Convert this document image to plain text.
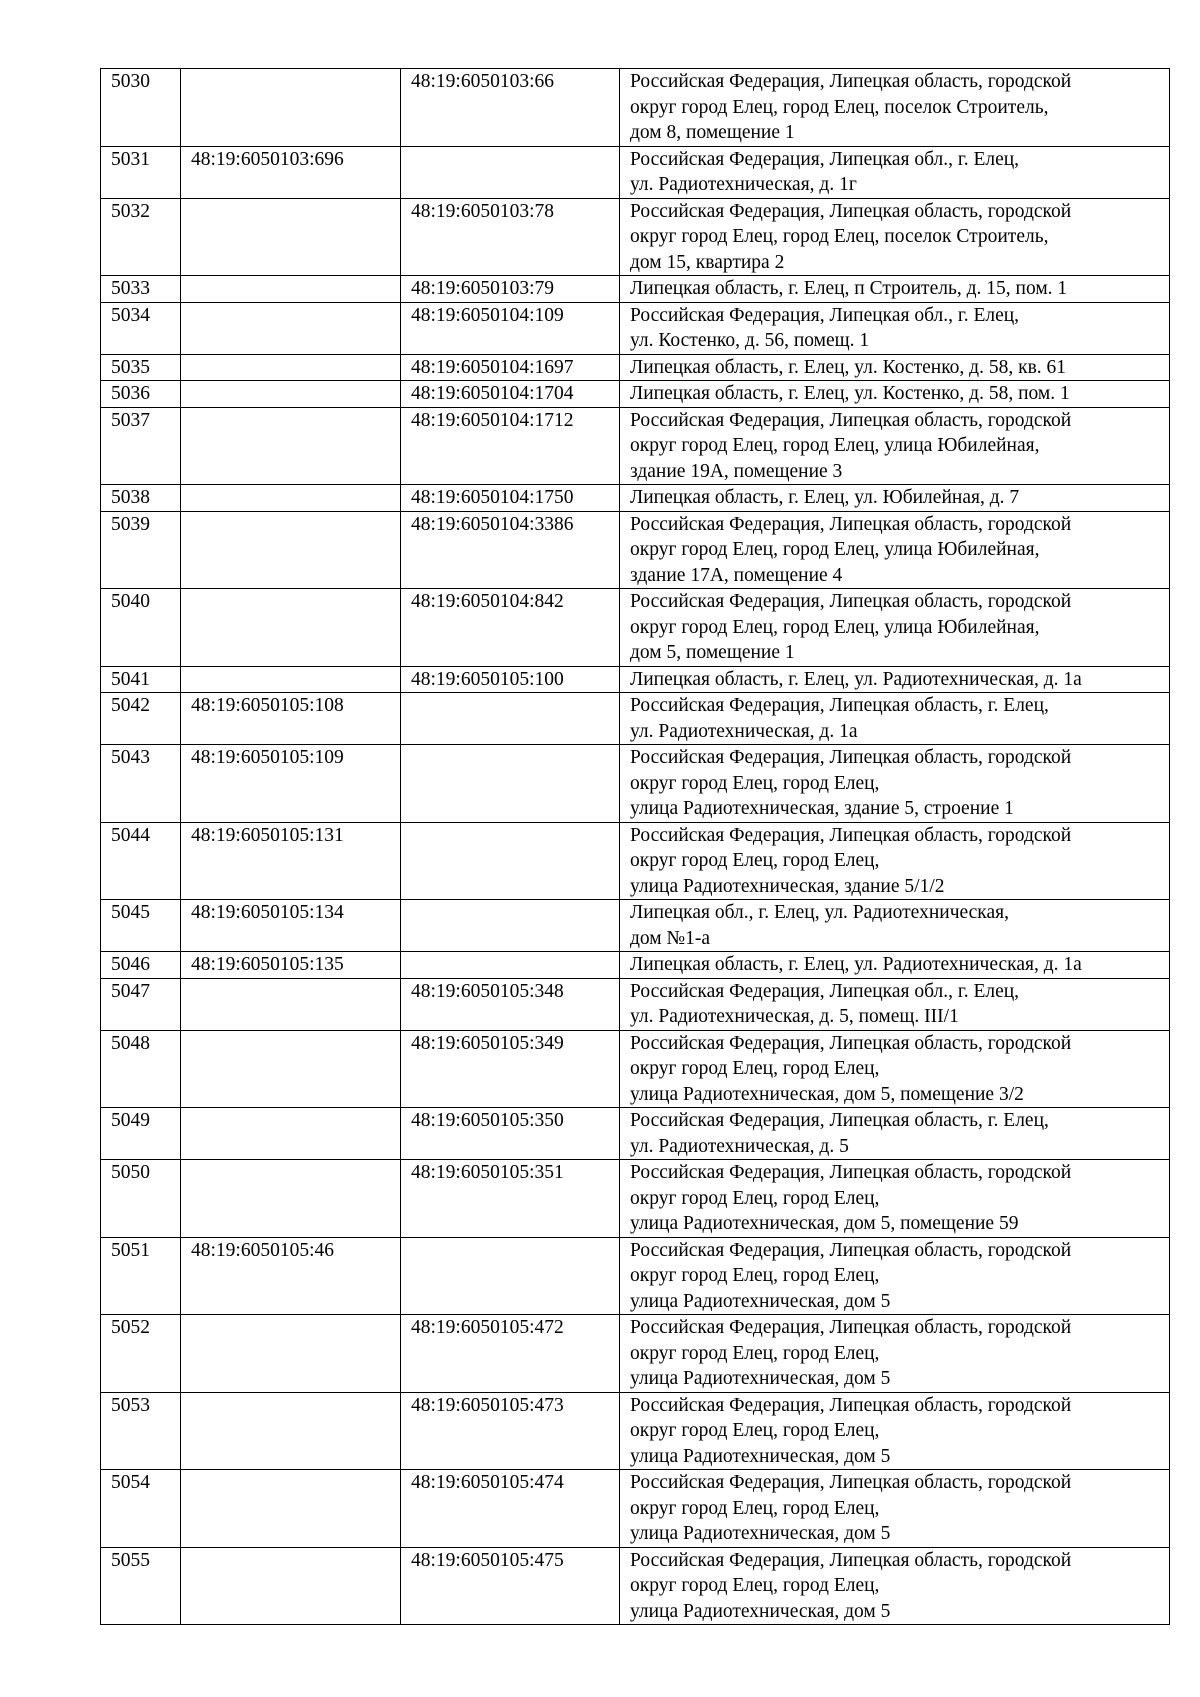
5030		48:19:6050103:66	Российская Федерация, Липецкая область, городской
округ город Елец, город Елец, поселок Строитель,
дом 8, помещение 1
5031	48:19:6050103:696		Российская Федерация, Липецкая обл., г. Елец,
ул. Радиотехническая, д. 1г
5032		48:19:6050103:78	Российская Федерация, Липецкая область, городской
округ город Елец, город Елец, поселок Строитель,
дом 15, квартира 2
5033		48:19:6050103:79	Липецкая область, г. Елец, п Строитель, д. 15, пом. 1
5034		48:19:6050104:109	Российская Федерация, Липецкая обл., г. Елец,
ул. Костенко, д. 56, помещ. 1
5035		48:19:6050104:1697	Липецкая область, г. Елец, ул. Костенко, д. 58, кв. 61
5036		48:19:6050104:1704	Липецкая область, г. Елец, ул. Костенко, д. 58, пом. 1
5037		48:19:6050104:1712	Российская Федерация, Липецкая область, городской
округ город Елец, город Елец, улица Юбилейная,
здание 19А, помещение 3
5038		48:19:6050104:1750	Липецкая область, г. Елец, ул. Юбилейная, д. 7
5039		48:19:6050104:3386	Российская Федерация, Липецкая область, городской
округ город Елец, город Елец, улица Юбилейная,
здание 17А, помещение 4
5040		48:19:6050104:842	Российская Федерация, Липецкая область, городской
округ город Елец, город Елец, улица Юбилейная,
дом 5, помещение 1
5041		48:19:6050105:100	Липецкая область, г. Елец, ул. Радиотехническая, д. 1а
5042	48:19:6050105:108		Российская Федерация, Липецкая область, г. Елец,
ул. Радиотехническая, д. 1а
5043	48:19:6050105:109		Российская Федерация, Липецкая область, городской
округ город Елец, город Елец,
улица Радиотехническая, здание 5, строение 1
5044	48:19:6050105:131		Российская Федерация, Липецкая область, городской
округ город Елец, город Елец,
улица Радиотехническая, здание 5/1/2
5045	48:19:6050105:134		Липецкая обл., г. Елец, ул. Радиотехническая,
дом №1-а
5046	48:19:6050105:135		Липецкая область, г. Елец, ул. Радиотехническая, д. 1а
5047		48:19:6050105:348	Российская Федерация, Липецкая обл., г. Елец,
ул. Радиотехническая, д. 5, помещ. III/1
5048		48:19:6050105:349	Российская Федерация, Липецкая область, городской
округ город Елец, город Елец,
улица Радиотехническая, дом 5, помещение 3/2
5049		48:19:6050105:350	Российская Федерация, Липецкая область, г. Елец,
ул. Радиотехническая, д. 5
5050		48:19:6050105:351	Российская Федерация, Липецкая область, городской
округ город Елец, город Елец,
улица Радиотехническая, дом 5, помещение 59
5051	48:19:6050105:46		Российская Федерация, Липецкая область, городской
округ город Елец, город Елец,
улица Радиотехническая, дом 5
5052		48:19:6050105:472	Российская Федерация, Липецкая область, городской
округ город Елец, город Елец,
улица Радиотехническая, дом 5
5053		48:19:6050105:473	Российская Федерация, Липецкая область, городской
округ город Елец, город Елец,
улица Радиотехническая, дом 5
5054		48:19:6050105:474	Российская Федерация, Липецкая область, городской
округ город Елец, город Елец,
улица Радиотехническая, дом 5
5055		48:19:6050105:475	Российская Федерация, Липецкая область, городской
округ город Елец, город Елец,
улица Радиотехническая, дом 5
